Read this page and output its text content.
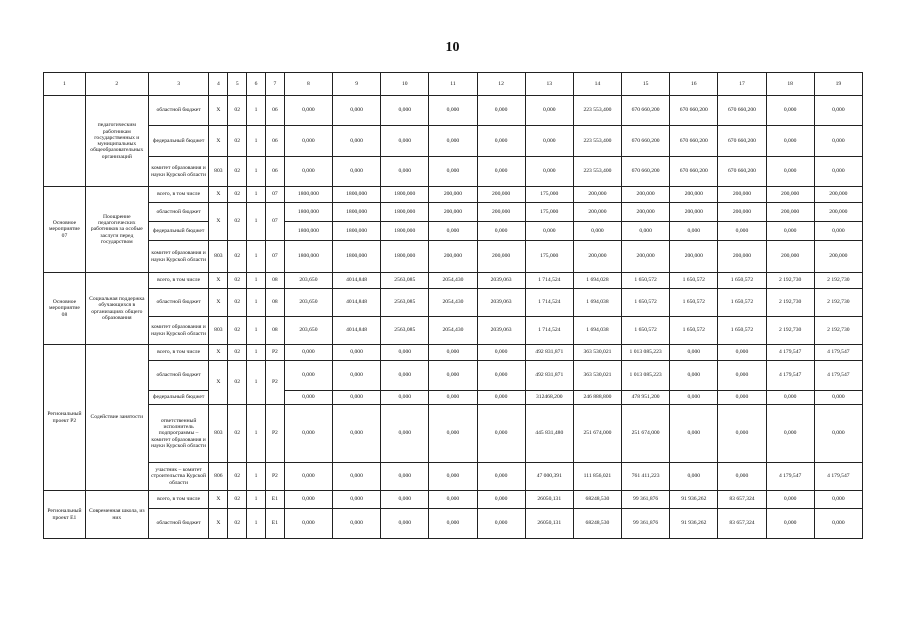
10
1	2	3	4	5	6	7	8	9	10	11	12	13	14	15	16	17	18	19
	педагогическим работникам государственных и муниципальных общеобразовательных организаций	областной бюджет	X	02	1	06	0,000	0,000	0,000	0,000	0,000	0,000	223 553,400	670 660,200	670 660,200	670 660,200	0,000	0,000
		федеральный бюджет	X	02	1	06	0,000	0,000	0,000	0,000	0,000	0,000	223 553,400	670 660,200	670 660,200	670 660,200	0,000	0,000
		комитет образования и науки Курской области	803	02	1	06	0,000	0,000	0,000	0,000	0,000	0,000	223 553,400	670 660,200	670 660,200	670 660,200	0,000	0,000
Основное мероприятие 07	Поощрение педагогических работников за особые заслуги перед государством	всего, в том числе	X	02	1	07	1800,000	1800,000	1800,000	200,000	200,000	175,000	200,000	200,000	200,000	200,000	200,000	200,000
		областной бюджет	X	02	1	07	1800,000	1800,000	1800,000	200,000	200,000	175,000	200,000	200,000	200,000	200,000	200,000	200,000
		федеральный бюджет					1800,000	1800,000	1800,000	0,000	0,000	0,000	0,000	0,000	0,000	0,000	0,000	0,000
		комитет образования и науки Курской области	803	02	1	07	1800,000	1800,000	1800,000	200,000	200,000	175,000	200,000	200,000	200,000	200,000	200,000	200,000
Основное мероприятие 08	Социальная поддержка обучающихся в организациях общего образования	всего, в том числе	X	02	1	08	203,650	4014,848	2563,085	2054,430	2039,063	1 714,524	1 694,028	1 650,572	1 650,572	1 650,572	2 192,730	2 192,730
		областной бюджет	X	02	1	08	203,650	4014,848	2563,085	2054,430	2039,063	1 714,524	1 694,038	1 650,572	1 650,572	1 650,572	2 192,730	2 192,730
		комитет образования и науки Курской области	803	02	1	08	203,650	4014,848	2563,085	2054,430	2039,063	1 714,524	1 694,038	1 650,572	1 650,572	1 650,572	2 192,730	2 192,730
Региональный проект Р2	Содействие занятости	всего, в том числе	X	02	1	P2	0,000	0,000	0,000	0,000	0,000	492 831,871	363 530,021	1 013 085,223	0,000	0,000	4 179,547	4 179,547
		областной бюджет	X	02	1	P2	0,000	0,000	0,000	0,000	0,000	492 831,871	363 530,021	1 013 085,223	0,000	0,000	4 179,547	4 179,547
		федеральный бюджет					0,000	0,000	0,000	0,000	0,000	312468,200	246 888,800	478 951,200	0,000	0,000	0,000	0,000
		ответственный исполнитель подпрограммы – комитет образования и науки Курской области	803	02	1	P2	0,000	0,000	0,000	0,000	0,000	445 831,480	251 674,000	251 674,000	0,000	0,000	0,000	0,000
		участник – комитет строительства Курской области	806	02	1	P2	0,000	0,000	0,000	0,000	0,000	47 000,391	111 856,021	761 411,223	0,000	0,000	4 179,547	4 179,547
Региональный проект Е1	Современная школа, из них	всего, в том числе	X	02	1	E1	0,000	0,000	0,000	0,000	0,000	26050,131	68248,530	99 361,876	91 936,262	83 657,324	0,000	0,000
		областной бюджет	X	02	1	E1	0,000	0,000	0,000	0,000	0,000	26050,131	68248,530	99 361,876	91 936,262	83 657,324	0,000	0,000
